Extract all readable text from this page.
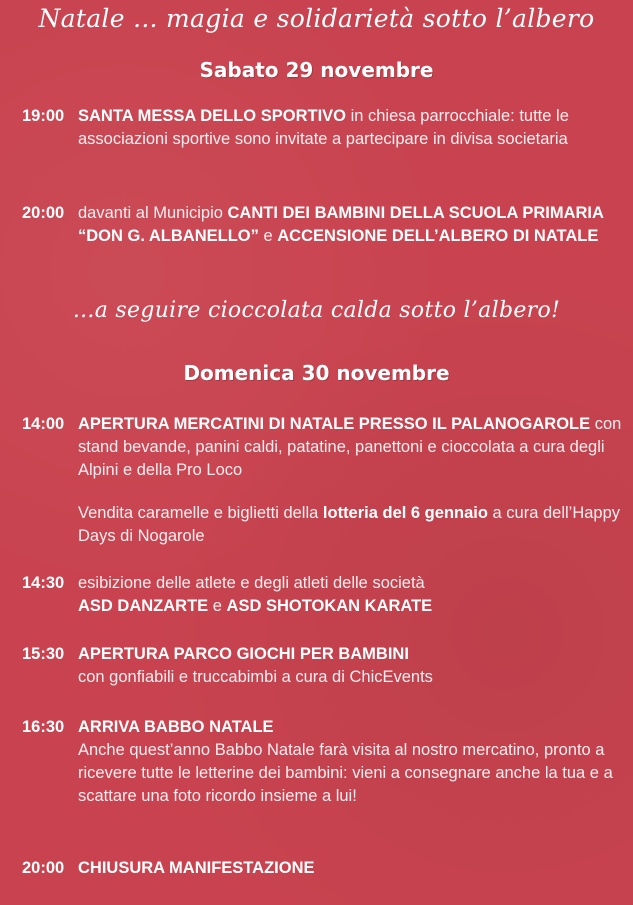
Natale ... magia e solidarietà sotto l’albero
Sabato 29 novembre
19:00 SANTA MESSA DELLO SPORTIVO in chiesa parrocchiale: tutte le associazioni sportive sono invitate a partecipare in divisa societaria
20:00 davanti al Municipio CANTI DEI BAMBINI DELLA SCUOLA PRIMARIA “DON G. ALBANELLO” e ACCENSIONE DELL’ALBERO DI NATALE
...a seguire cioccolata calda sotto l’albero!
Domenica 30 novembre
14:00 APERTURA MERCATINI DI NATALE PRESSO IL PALANOGAROLE con stand bevande, panini caldi, patatine, panettoni e cioccolata a cura degli Alpini e della Pro Loco
Vendita caramelle e biglietti della lotteria del 6 gennaio a cura dell’Happy Days di Nogarole
14:30 esibizione delle atlete e degli atleti delle società
ASD DANZARTE e ASD SHOTOKAN KARATE
15:30 APERTURA PARCO GIOCHI PER BAMBINI
con gonfiabili e truccabimbi a cura di ChicEvents
16:30 ARRIVA BABBO NATALE
Anche quest’anno Babbo Natale farà visita al nostro mercatino, pronto a ricevere tutte le letterine dei bambini: vieni a consegnare anche la tua e a scattare una foto ricordo insieme a lui!
20:00 CHIUSURA MANIFESTAZIONE
